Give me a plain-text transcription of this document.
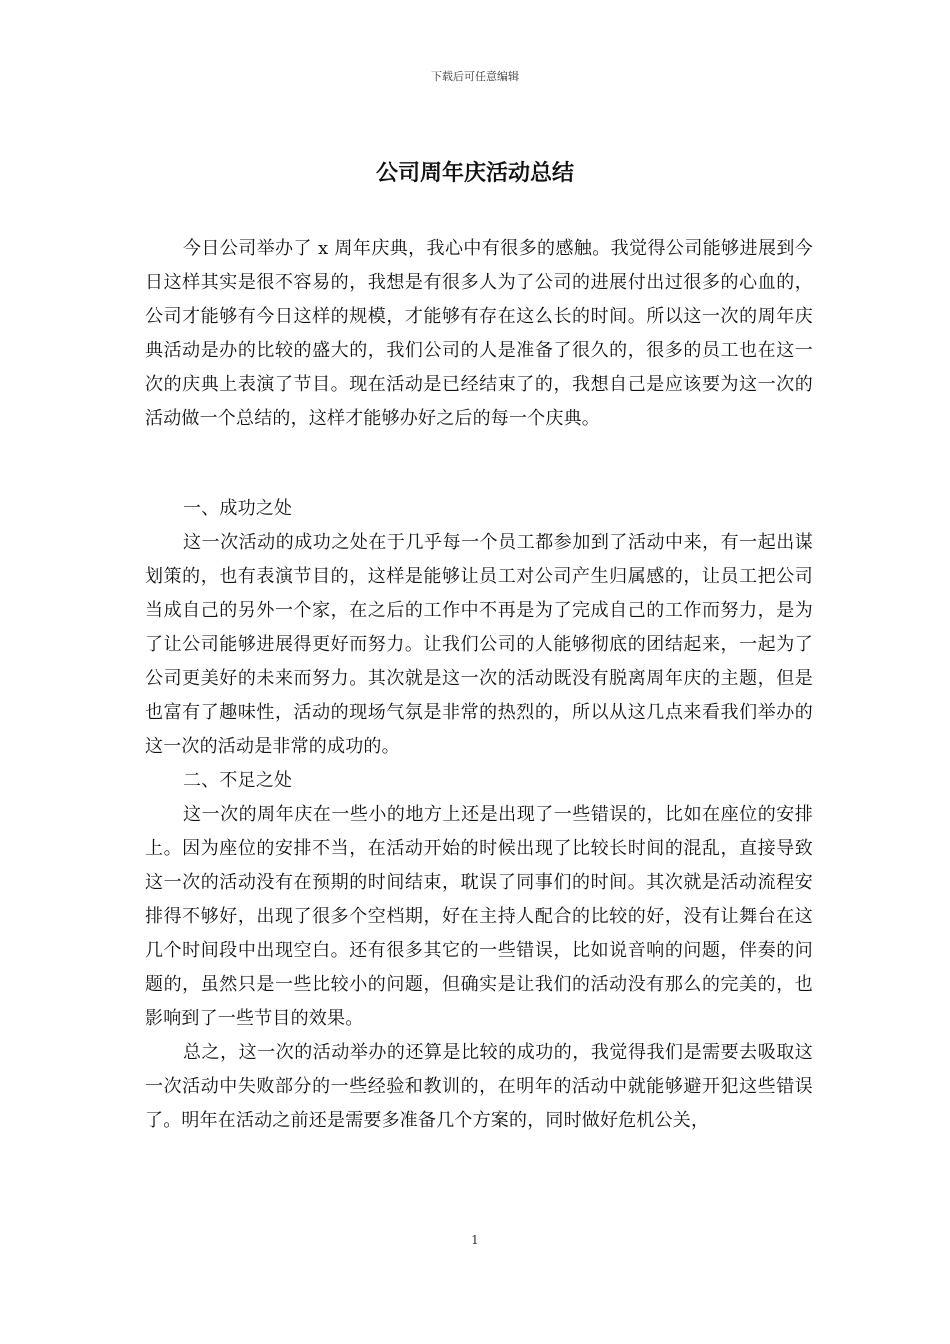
下载后可任意编辑
公司周年庆活动总结

今日公司举办了 x 周年庆典，我心中有很多的感触。我觉得公司能够进展到今日这样其实是很不容易的，我想是有很多人为了公司的进展付出过很多的心血的，公司才能够有今日这样的规模，才能够有存在这么长的时间。所以这一次的周年庆典活动是办的比较的盛大的，我们公司的人是准备了很久的，很多的员工也在这一次的庆典上表演了节目。现在活动是已经结束了的，我想自己是应该要为这一次的活动做一个总结的，这样才能够办好之后的每一个庆典。

一、成功之处

这一次活动的成功之处在于几乎每一个员工都参加到了活动中来，有一起出谋划策的，也有表演节目的，这样是能够让员工对公司产生归属感的，让员工把公司当成自己的另外一个家，在之后的工作中不再是为了完成自己的工作而努力，是为了让公司能够进展得更好而努力。让我们公司的人能够彻底的团结起来，一起为了公司更美好的未来而努力。其次就是这一次的活动既没有脱离周年庆的主题，但是也富有了趣味性，活动的现场气氛是非常的热烈的，所以从这几点来看我们举办的这一次的活动是非常的成功的。

二、不足之处

这一次的周年庆在一些小的地方上还是出现了一些错误的，比如在座位的安排上。因为座位的安排不当，在活动开始的时候出现了比较长时间的混乱，直接导致这一次的活动没有在预期的时间结束，耽误了同事们的时间。其次就是活动流程安排得不够好，出现了很多个空档期，好在主持人配合的比较的好，没有让舞台在这几个时间段中出现空白。还有很多其它的一些错误，比如说音响的问题，伴奏的问题的，虽然只是一些比较小的问题，但确实是让我们的活动没有那么的完美的，也影响到了一些节目的效果。

总之，这一次的活动举办的还算是比较的成功的，我觉得我们是需要去吸取这一次活动中失败部分的一些经验和教训的，在明年的活动中就能够避开犯这些错误了。明年在活动之前还是需要多准备几个方案的，同时做好危机公关，

1
